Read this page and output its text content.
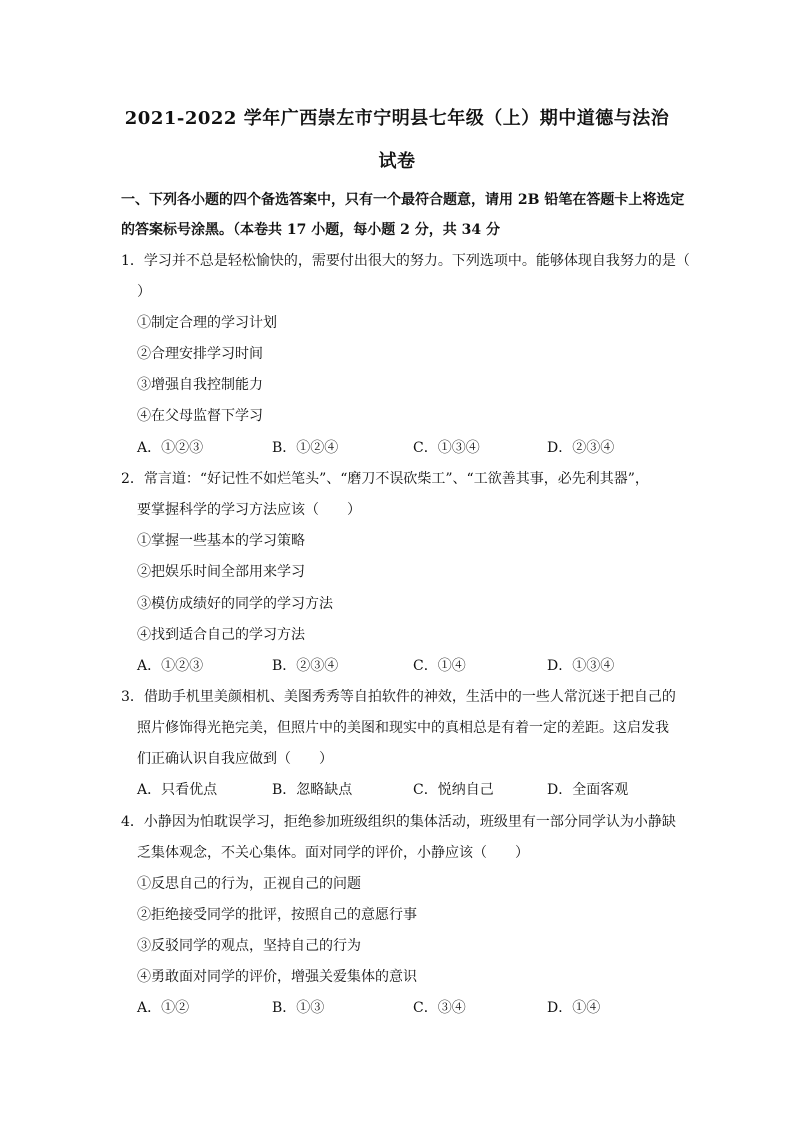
2021-2022 学年广西崇左市宁明县七年级（上）期中道德与法治
试卷
一、下列各小题的四个备选答案中，只有一个最符合题意，请用 2B 铅笔在答题卡上将选定
的答案标号涂黑。（本卷共 17 小题，每小题 2 分，共 34 分
1．学习并不总是轻松愉快的，需要付出很大的努力。下列选项中。能够体现自我努力的是（
）
①制定合理的学习计划
②合理安排学习时间
③增强自我控制能力
④在父母监督下学习
A．①②③	B．①②④	C．①③④	D．②③④
2．常言道：“好记性不如烂笔头”、“磨刀不误砍柴工”、“工欲善其事，必先利其器”，
要掌握科学的学习方法应该（　　）
①掌握一些基本的学习策略
②把娱乐时间全部用来学习
③模仿成绩好的同学的学习方法
④找到适合自己的学习方法
A．①②③	B．②③④	C．①④	D．①③④
3．借助手机里美颜相机、美图秀秀等自拍软件的神效，生活中的一些人常沉迷于把自己的
照片修饰得光艳完美，但照片中的美图和现实中的真相总是有着一定的差距。这启发我
们正确认识自我应做到（　　）
A．只看优点	B．忽略缺点	C．悦纳自己	D．全面客观
4．小静因为怕耽误学习，拒绝参加班级组织的集体活动，班级里有一部分同学认为小静缺
乏集体观念，不关心集体。面对同学的评价，小静应该（　　）
①反思自己的行为，正视自己的问题
②拒绝接受同学的批评，按照自己的意愿行事
③反驳同学的观点，坚持自己的行为
④勇敢面对同学的评价，增强关爱集体的意识
A．①②	B．①③	C．③④	D．①④
